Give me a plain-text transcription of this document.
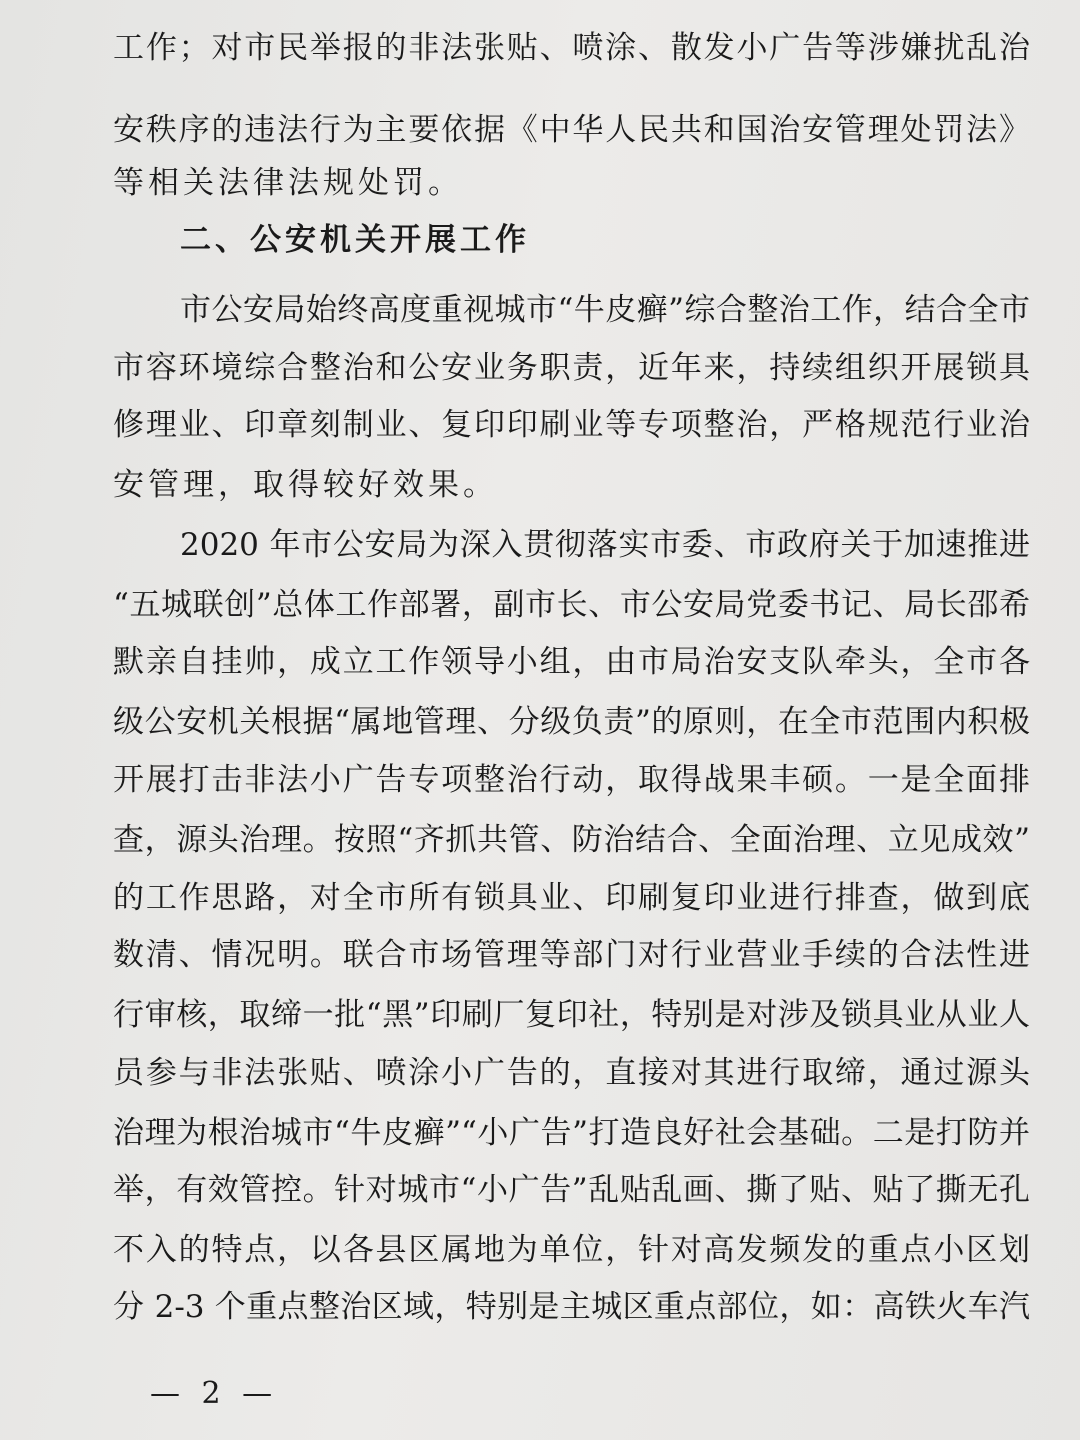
工作；对市民举报的非法张贴、喷涂、散发小广告等涉嫌扰乱治
安秩序的违法行为主要依据《中华人民共和国治安管理处罚法》
等相关法律法规处罚。
二、公安机关开展工作
市公安局始终高度重视城市“牛皮癣”综合整治工作，结合全市
市容环境综合整治和公安业务职责，近年来，持续组织开展锁具
修理业、印章刻制业、复印印刷业等专项整治，严格规范行业治
安管理，取得较好效果。
2020 年市公安局为深入贯彻落实市委、市政府关于加速推进
“五城联创”总体工作部署，副市长、市公安局党委书记、局长邵希
默亲自挂帅，成立工作领导小组，由市局治安支队牵头，全市各
级公安机关根据“属地管理、分级负责”的原则，在全市范围内积极
开展打击非法小广告专项整治行动，取得战果丰硕。一是全面排
查，源头治理。按照“齐抓共管、防治结合、全面治理、立见成效”
的工作思路，对全市所有锁具业、印刷复印业进行排查，做到底
数清、情况明。联合市场管理等部门对行业营业手续的合法性进
行审核，取缔一批“黑”印刷厂复印社，特别是对涉及锁具业从业人
员参与非法张贴、喷涂小广告的，直接对其进行取缔，通过源头
治理为根治城市“牛皮癣”“小广告”打造良好社会基础。二是打防并
举，有效管控。针对城市“小广告”乱贴乱画、撕了贴、贴了撕无孔
不入的特点，以各县区属地为单位，针对高发频发的重点小区划
分 2-3 个重点整治区域，特别是主城区重点部位，如：高铁火车汽
— 2 —
